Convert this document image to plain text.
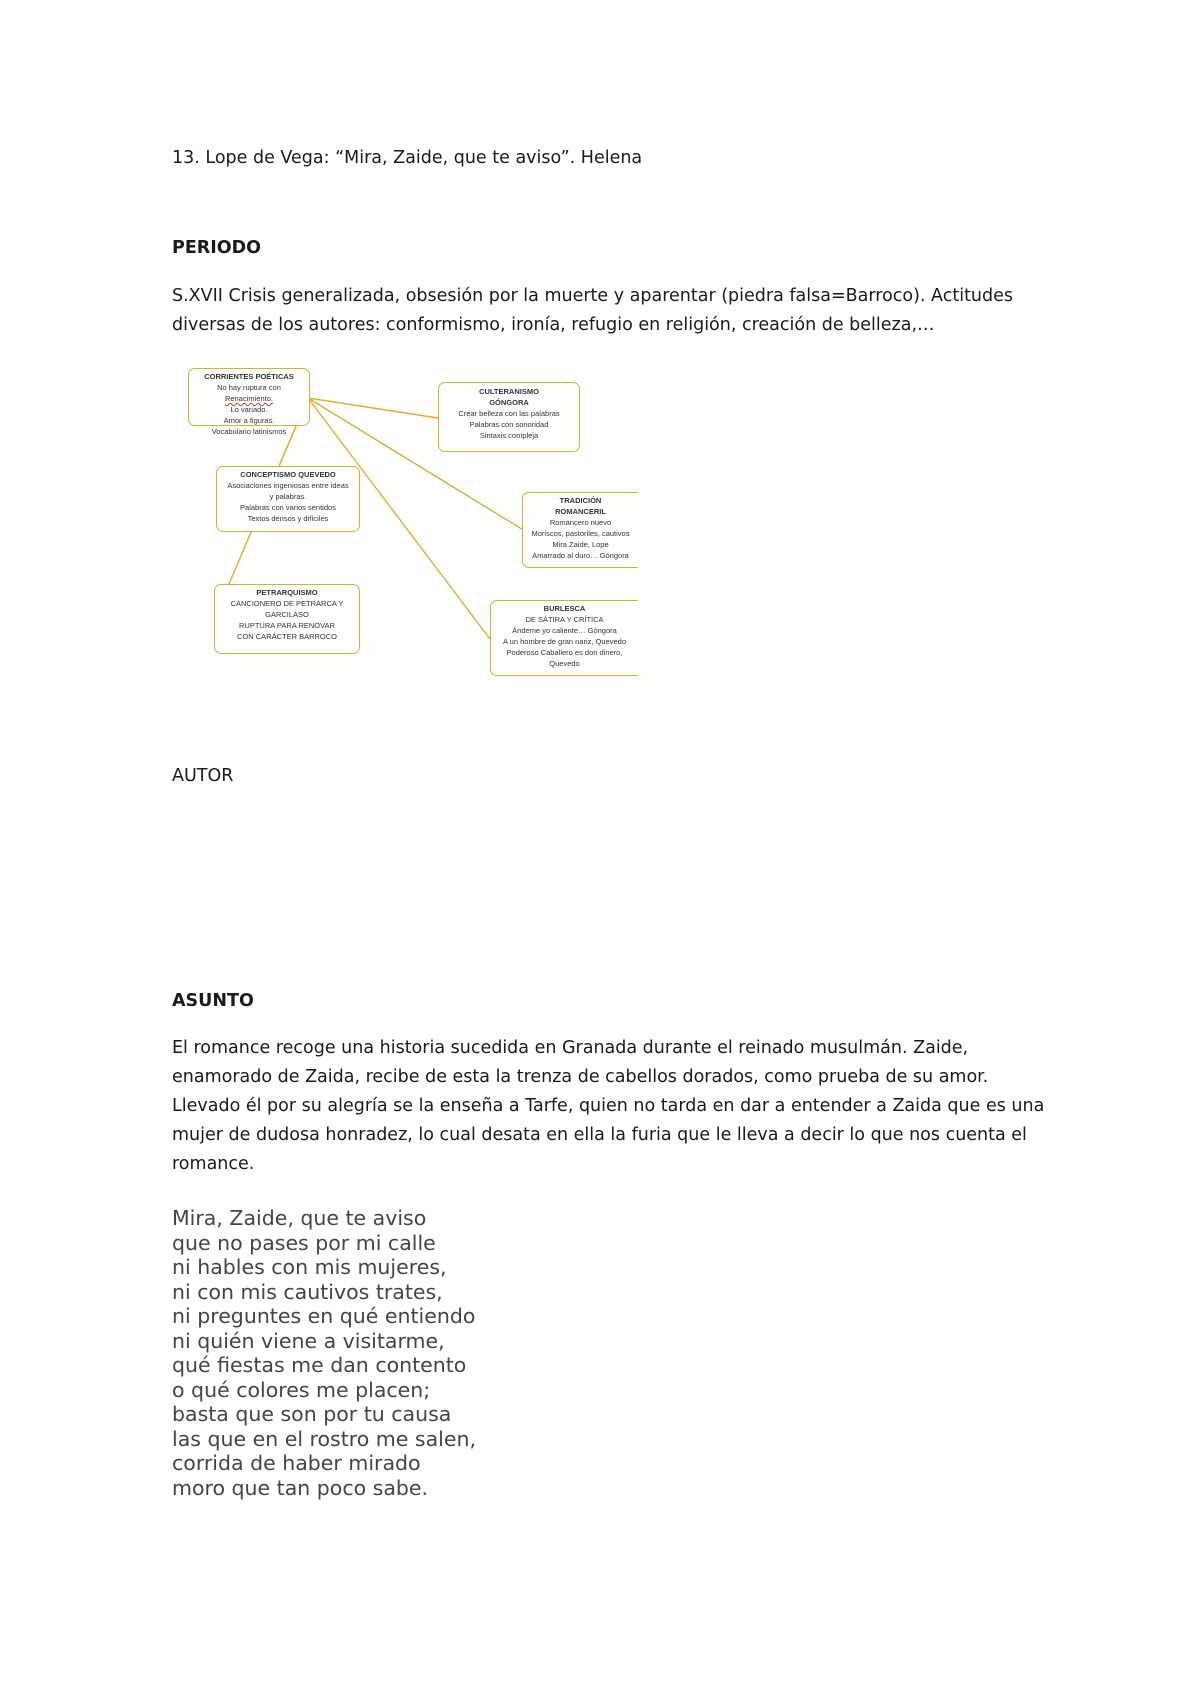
13. Lope de Vega: “Mira, Zaide, que te aviso”. Helena

PERIODO

S.XVII Crisis generalizada, obsesión por la muerte y aparentar (piedra falsa=Barroco). Actitudes diversas de los autores: conformismo, ironía, refugio en religión, creación de belleza,…

CORRIENTES POÉTICAS
No hay ruptura con
Renacimiento.
Lo variado.
Amor a figuras.
Vocabulario latinismos
CULTERANISMO
GÓNGORA
Crear belleza con las palabras
Palabras con sonoridad
Sintaxis compleja
CONCEPTISMO QUEVEDO
Asociaciones ingeniosas entre ideas
y palabras.
Palabras con varios sentidos
Textos densos y difíciles
TRADICIÓN
ROMANCERIL
Romancero nuevo
Moriscos, pastoriles, cautivos
Mira Zaide, Lope
Amarrado al duro… Góngora
PETRARQUISMO
CANCIONERO DE PETRARCA Y
GARCILASO
RUPTURA PARA RENOVAR
CON CARÁCTER BARROCO
BURLESCA
DE SÁTIRA Y CRÍTICA
Ándeme yo caliente… Góngora
A un hombre de gran nariz, Quevedo
Poderoso Caballero es don dinero,
Quevedo

AUTOR

ASUNTO

El romance recoge una historia sucedida en Granada durante el reinado musulmán. Zaide, enamorado de Zaida, recibe de esta la trenza de cabellos dorados, como prueba de su amor. Llevado él por su alegría se la enseña a Tarfe, quien no tarda en dar a entender a Zaida que es una mujer de dudosa honradez, lo cual desata en ella la furia que le lleva a decir lo que nos cuenta el romance.

Mira, Zaide, que te aviso
que no pases por mi calle
ni hables con mis mujeres,
ni con mis cautivos trates,
ni preguntes en qué entiendo
ni quién viene a visitarme,
qué fiestas me dan contento
o qué colores me placen;
basta que son por tu causa
las que en el rostro me salen,
corrida de haber mirado
moro que tan poco sabe.
